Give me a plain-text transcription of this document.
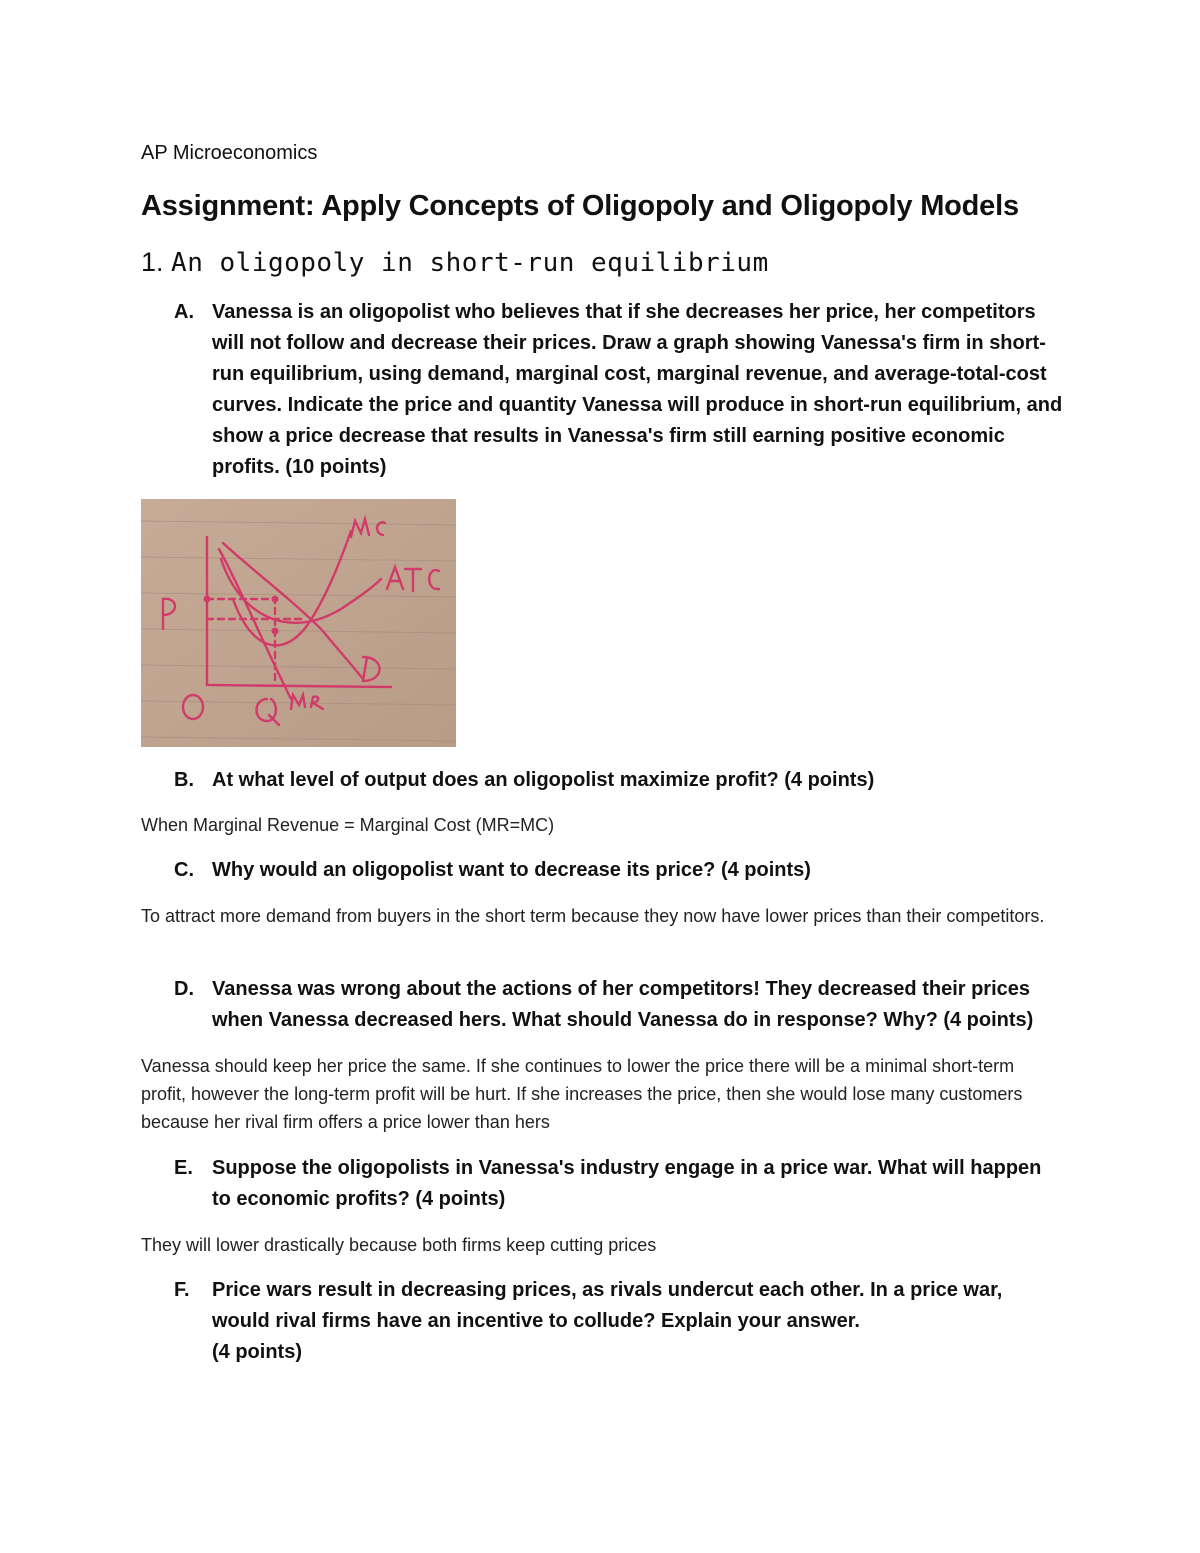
AP Microeconomics
Assignment: Apply Concepts of Oligopoly and Oligopoly Models
1. An oligopoly in short-run equilibrium
A. Vanessa is an oligopolist who believes that if she decreases her price, her competitors will not follow and decrease their prices. Draw a graph showing Vanessa's firm in short-run equilibrium, using demand, marginal cost, marginal revenue, and average-total-cost curves. Indicate the price and quantity Vanessa will produce in short-run equilibrium, and show a price decrease that results in Vanessa's firm still earning positive economic profits. (10 points)
B. At what level of output does an oligopolist maximize profit? (4 points)
When Marginal Revenue = Marginal Cost (MR=MC)
C. Why would an oligopolist want to decrease its price? (4 points)
To attract more demand from buyers in the short term because they now have lower prices than their competitors.
D. Vanessa was wrong about the actions of her competitors! They decreased their prices when Vanessa decreased hers. What should Vanessa do in response? Why? (4 points)
Vanessa should keep her price the same. If she continues to lower the price there will be a minimal short-term profit, however the long-term profit will be hurt. If she increases the price, then she would lose many customers because her rival firm offers a price lower than hers
E. Suppose the oligopolists in Vanessa's industry engage in a price war. What will happen to economic profits? (4 points)
They will lower drastically because both firms keep cutting prices
F. Price wars result in decreasing prices, as rivals undercut each other. In a price war, would rival firms have an incentive to collude? Explain your answer.
(4 points)
